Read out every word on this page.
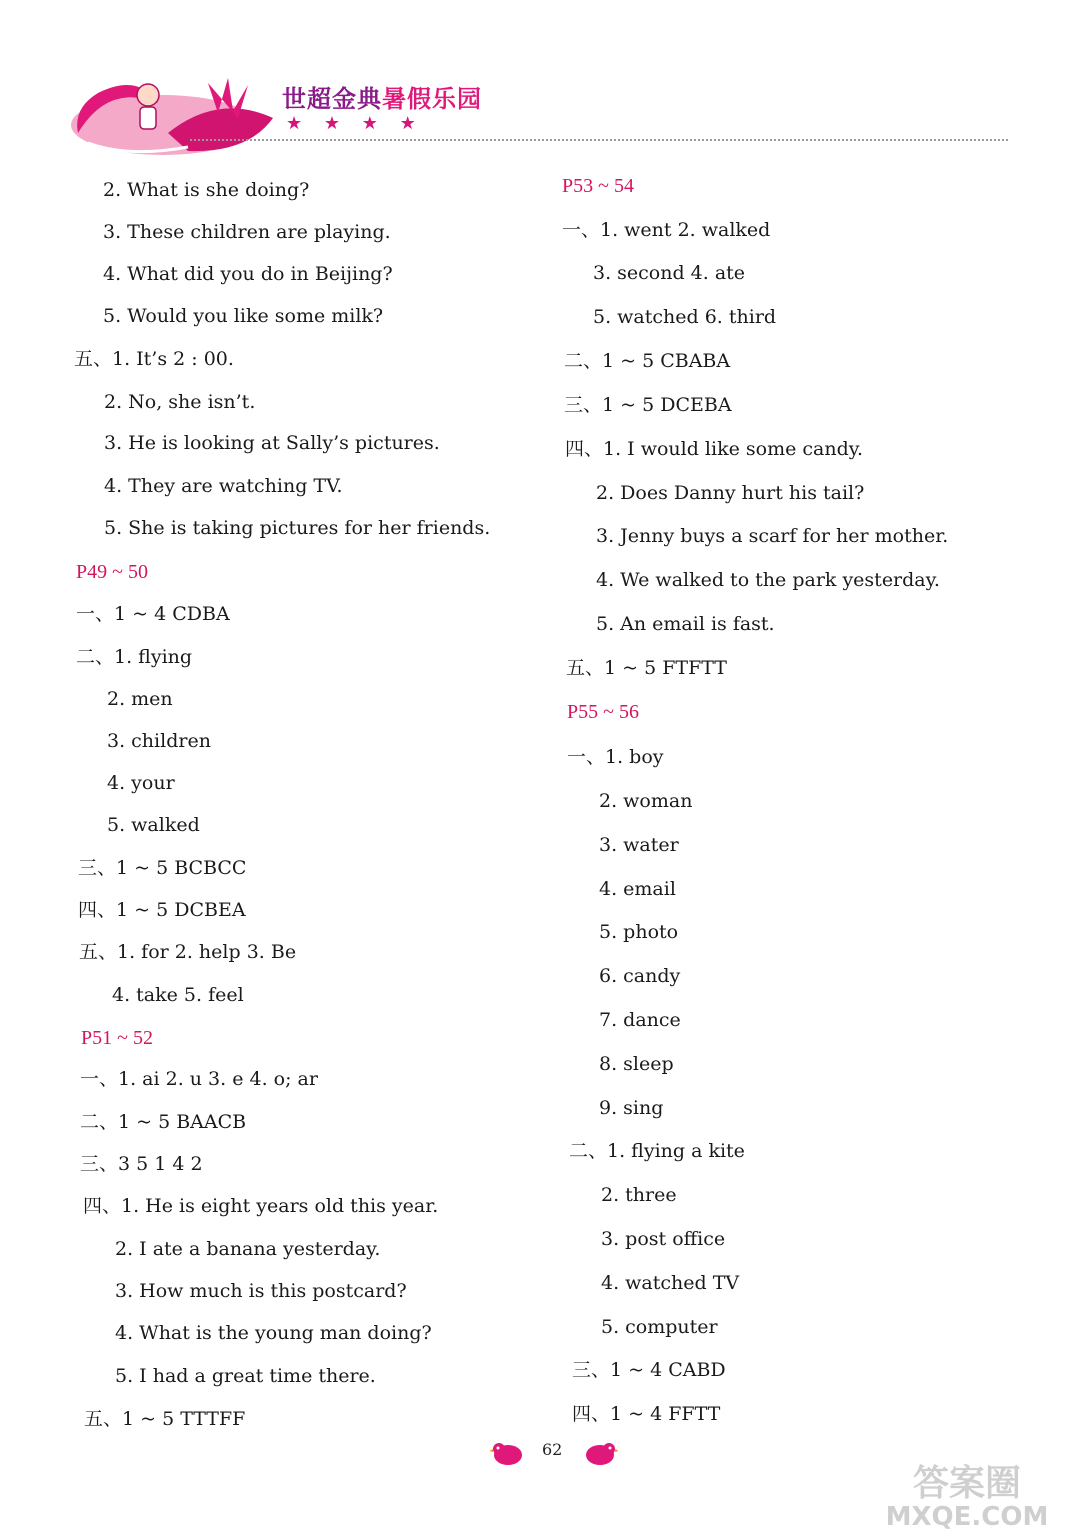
世超金典暑假乐园
★ ★ ★ ★
2. What is she doing?
3. These children are playing.
4. What did you do in Beijing?
5. Would you like some milk?
五、1. It’s 2 : 00.
2. No, she isn’t.
3. He is looking at Sally’s pictures.
4. They are watching TV.
5. She is taking pictures for her friends.
P49 ~ 50
一、1 ~ 4 CDBA
二、1. flying
2. men
3. children
4. your
5. walked
三、1 ~ 5 BCBCC
四、1 ~ 5 DCBEA
五、1. for 2. help 3. Be
4. take 5. feel
P51 ~ 52
一、1. ai 2. u 3. e 4. o; ar
二、1 ~ 5 BAACB
三、3 5 1 4 2
四、1. He is eight years old this year.
2. I ate a banana yesterday.
3. How much is this postcard?
4. What is the young man doing?
5. I had a great time there.
五、1 ~ 5 TTTFF
P53 ~ 54
一、1. went 2. walked
3. second 4. ate
5. watched 6. third
二、1 ~ 5 CBABA
三、1 ~ 5 DCEBA
四、1. I would like some candy.
2. Does Danny hurt his tail?
3. Jenny buys a scarf for her mother.
4. We walked to the park yesterday.
5. An email is fast.
五、1 ~ 5 FTFTT
P55 ~ 56
一、1. boy
2. woman
3. water
4. email
5. photo
6. candy
7. dance
8. sleep
9. sing
二、1. flying a kite
2. three
3. post office
4. watched TV
5. computer
三、1 ~ 4 CABD
四、1 ~ 4 FFTT
62
答案圈
MXQE.COM
